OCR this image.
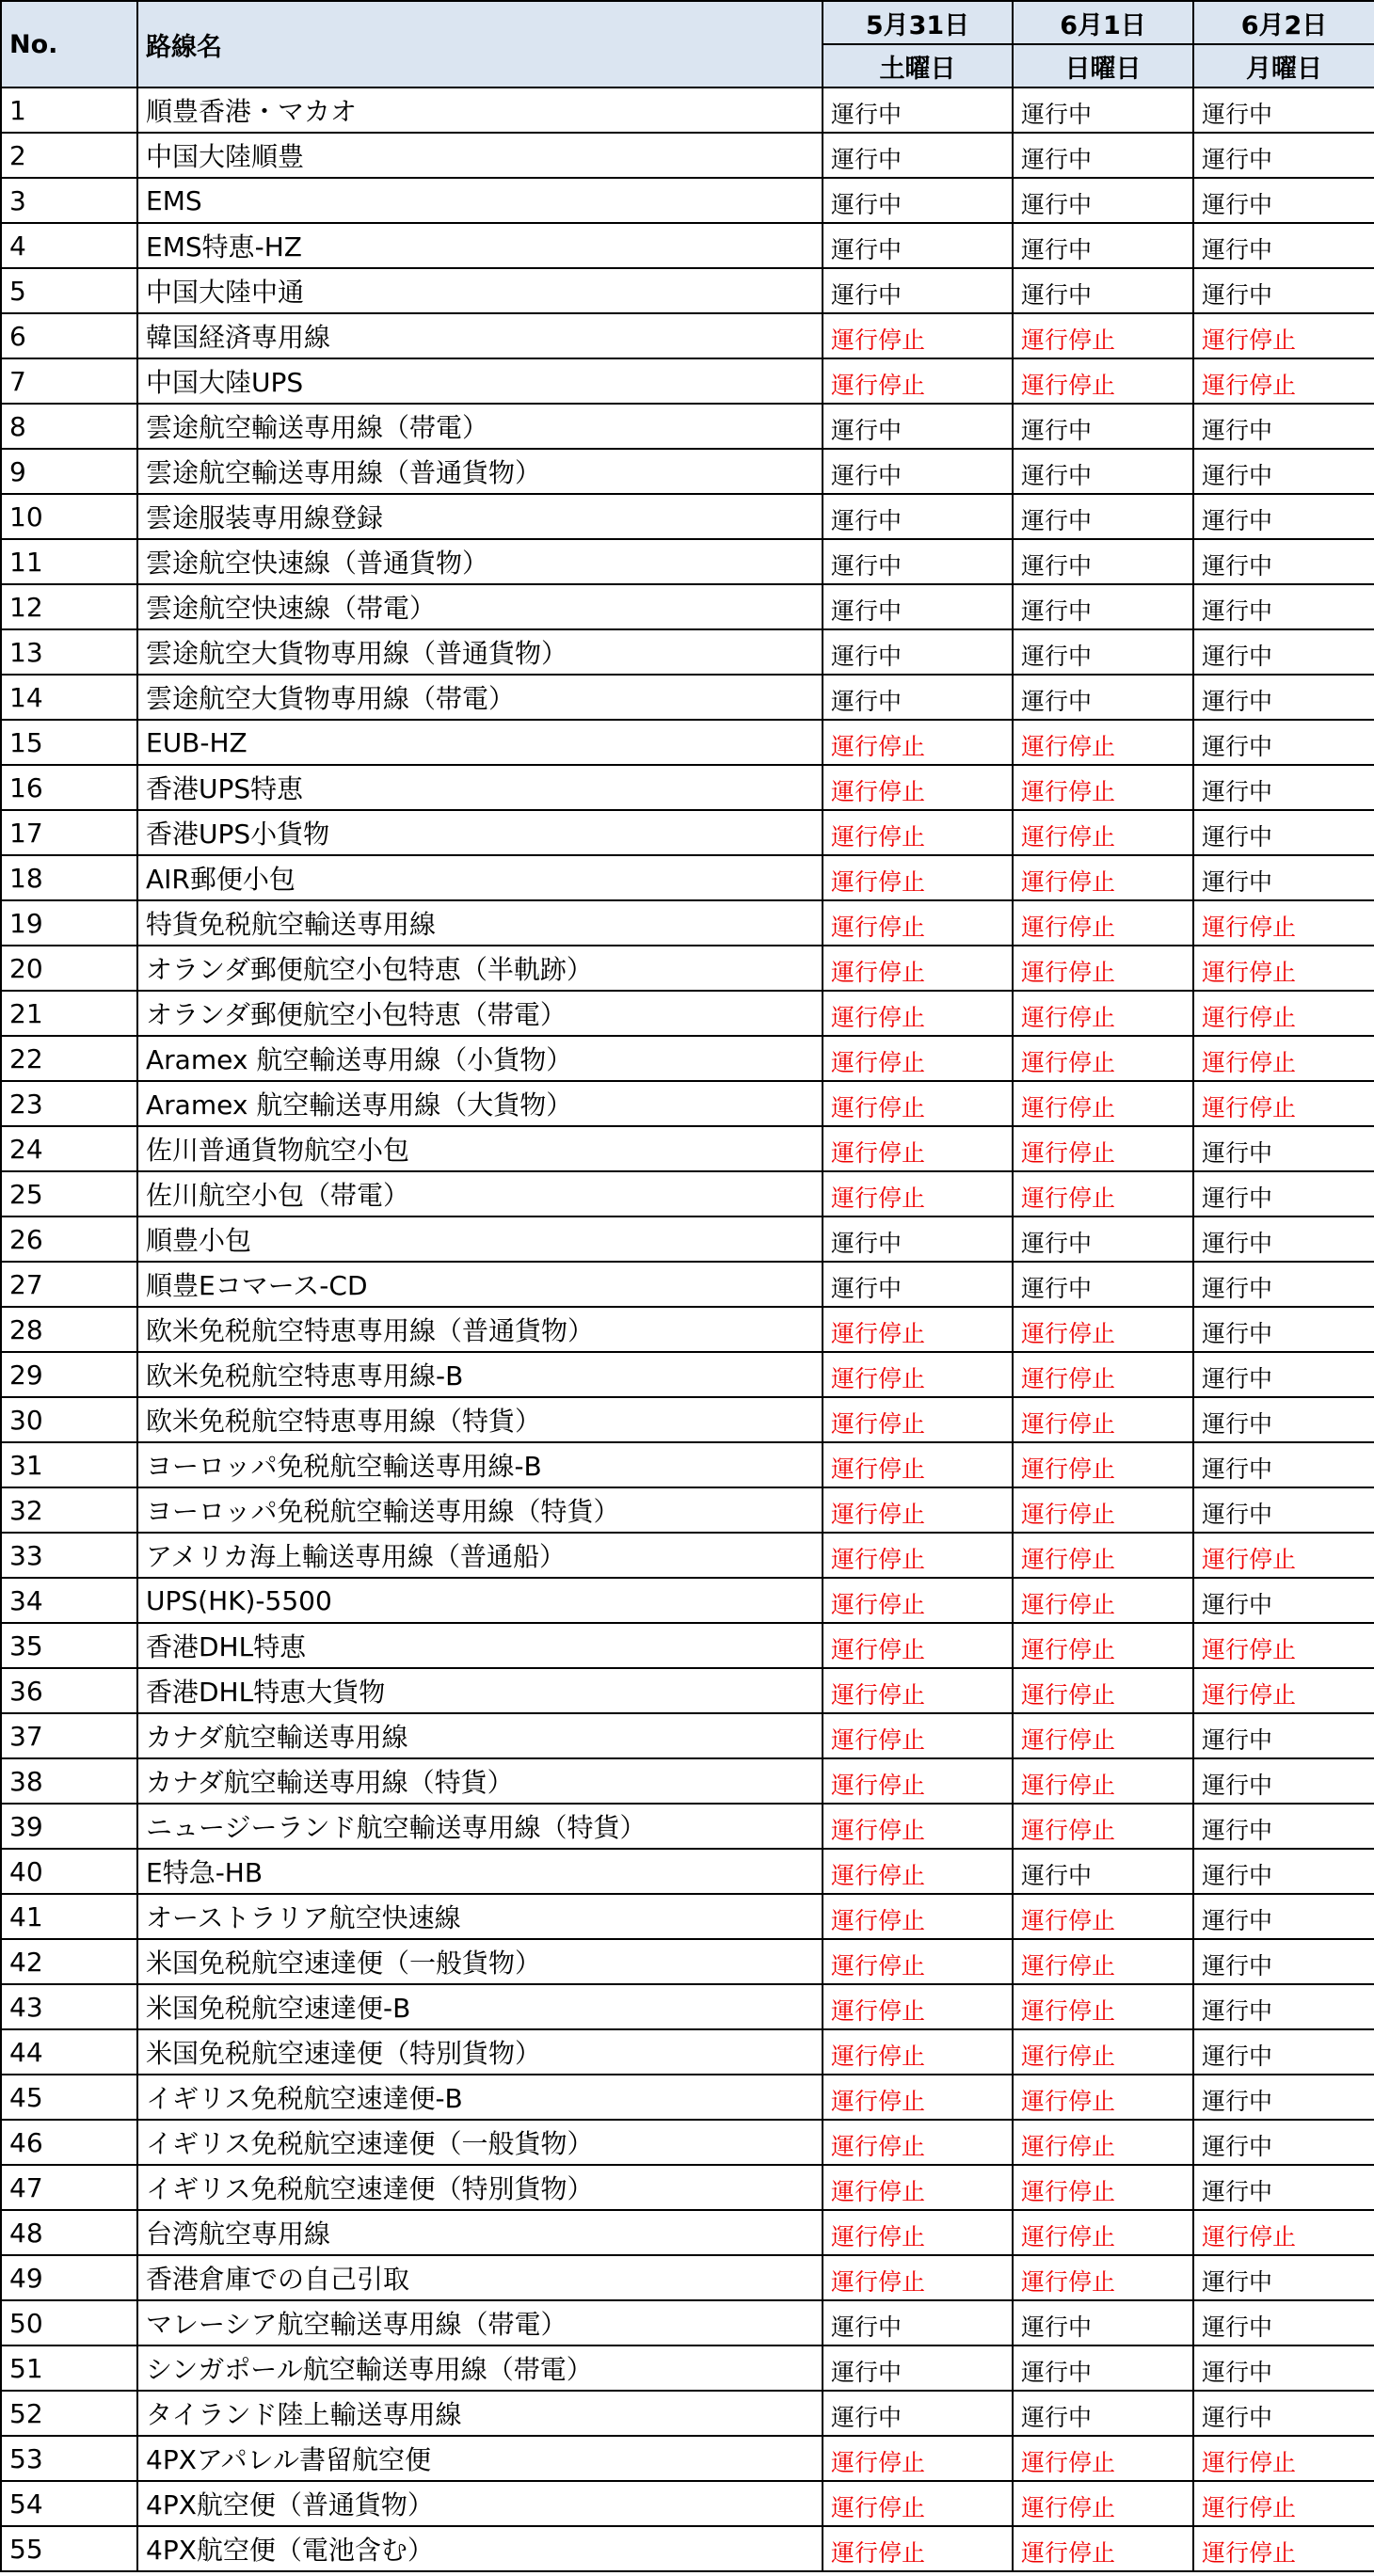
No.	路線名	5月31日	6月1日	6月2日
		土曜日	日曜日	月曜日
1	順豊香港・マカオ	運行中	運行中	運行中
2	中国大陸順豊	運行中	運行中	運行中
3	EMS	運行中	運行中	運行中
4	EMS特恵-HZ	運行中	運行中	運行中
5	中国大陸中通	運行中	運行中	運行中
6	韓国経済専用線	運行停止	運行停止	運行停止
7	中国大陸UPS	運行停止	運行停止	運行停止
8	雲途航空輸送専用線（帯電）	運行中	運行中	運行中
9	雲途航空輸送専用線（普通貨物）	運行中	運行中	運行中
10	雲途服装専用線登録	運行中	運行中	運行中
11	雲途航空快速線（普通貨物）	運行中	運行中	運行中
12	雲途航空快速線（帯電）	運行中	運行中	運行中
13	雲途航空大貨物専用線（普通貨物）	運行中	運行中	運行中
14	雲途航空大貨物専用線（帯電）	運行中	運行中	運行中
15	EUB-HZ	運行停止	運行停止	運行中
16	香港UPS特恵	運行停止	運行停止	運行中
17	香港UPS小貨物	運行停止	運行停止	運行中
18	AIR郵便小包	運行停止	運行停止	運行中
19	特貨免税航空輸送専用線	運行停止	運行停止	運行停止
20	オランダ郵便航空小包特恵（半軌跡）	運行停止	運行停止	運行停止
21	オランダ郵便航空小包特恵（帯電）	運行停止	運行停止	運行停止
22	Aramex 航空輸送専用線（小貨物）	運行停止	運行停止	運行停止
23	Aramex 航空輸送専用線（大貨物）	運行停止	運行停止	運行停止
24	佐川普通貨物航空小包	運行停止	運行停止	運行中
25	佐川航空小包（帯電）	運行停止	運行停止	運行中
26	順豊小包	運行中	運行中	運行中
27	順豊Eコマース-CD	運行中	運行中	運行中
28	欧米免税航空特恵専用線（普通貨物）	運行停止	運行停止	運行中
29	欧米免税航空特恵専用線-B	運行停止	運行停止	運行中
30	欧米免税航空特恵専用線（特貨）	運行停止	運行停止	運行中
31	ヨーロッパ免税航空輸送専用線-B	運行停止	運行停止	運行中
32	ヨーロッパ免税航空輸送専用線（特貨）	運行停止	運行停止	運行中
33	アメリカ海上輸送専用線（普通船）	運行停止	運行停止	運行停止
34	UPS(HK)-5500	運行停止	運行停止	運行中
35	香港DHL特恵	運行停止	運行停止	運行停止
36	香港DHL特恵大貨物	運行停止	運行停止	運行停止
37	カナダ航空輸送専用線	運行停止	運行停止	運行中
38	カナダ航空輸送専用線（特貨）	運行停止	運行停止	運行中
39	ニュージーランド航空輸送専用線（特貨）	運行停止	運行停止	運行中
40	E特急-HB	運行停止	運行中	運行中
41	オーストラリア航空快速線	運行停止	運行停止	運行中
42	米国免税航空速達便（一般貨物）	運行停止	運行停止	運行中
43	米国免税航空速達便-B	運行停止	運行停止	運行中
44	米国免税航空速達便（特別貨物）	運行停止	運行停止	運行中
45	イギリス免税航空速達便-B	運行停止	運行停止	運行中
46	イギリス免税航空速達便（一般貨物）	運行停止	運行停止	運行中
47	イギリス免税航空速達便（特別貨物）	運行停止	運行停止	運行中
48	台湾航空専用線	運行停止	運行停止	運行停止
49	香港倉庫での自己引取	運行停止	運行停止	運行中
50	マレーシア航空輸送専用線（帯電）	運行中	運行中	運行中
51	シンガポール航空輸送専用線（帯電）	運行中	運行中	運行中
52	タイランド陸上輸送専用線	運行中	運行中	運行中
53	4PXアパレル書留航空便	運行停止	運行停止	運行停止
54	4PX航空便（普通貨物）	運行停止	運行停止	運行停止
55	4PX航空便（電池含む）	運行停止	運行停止	運行停止
